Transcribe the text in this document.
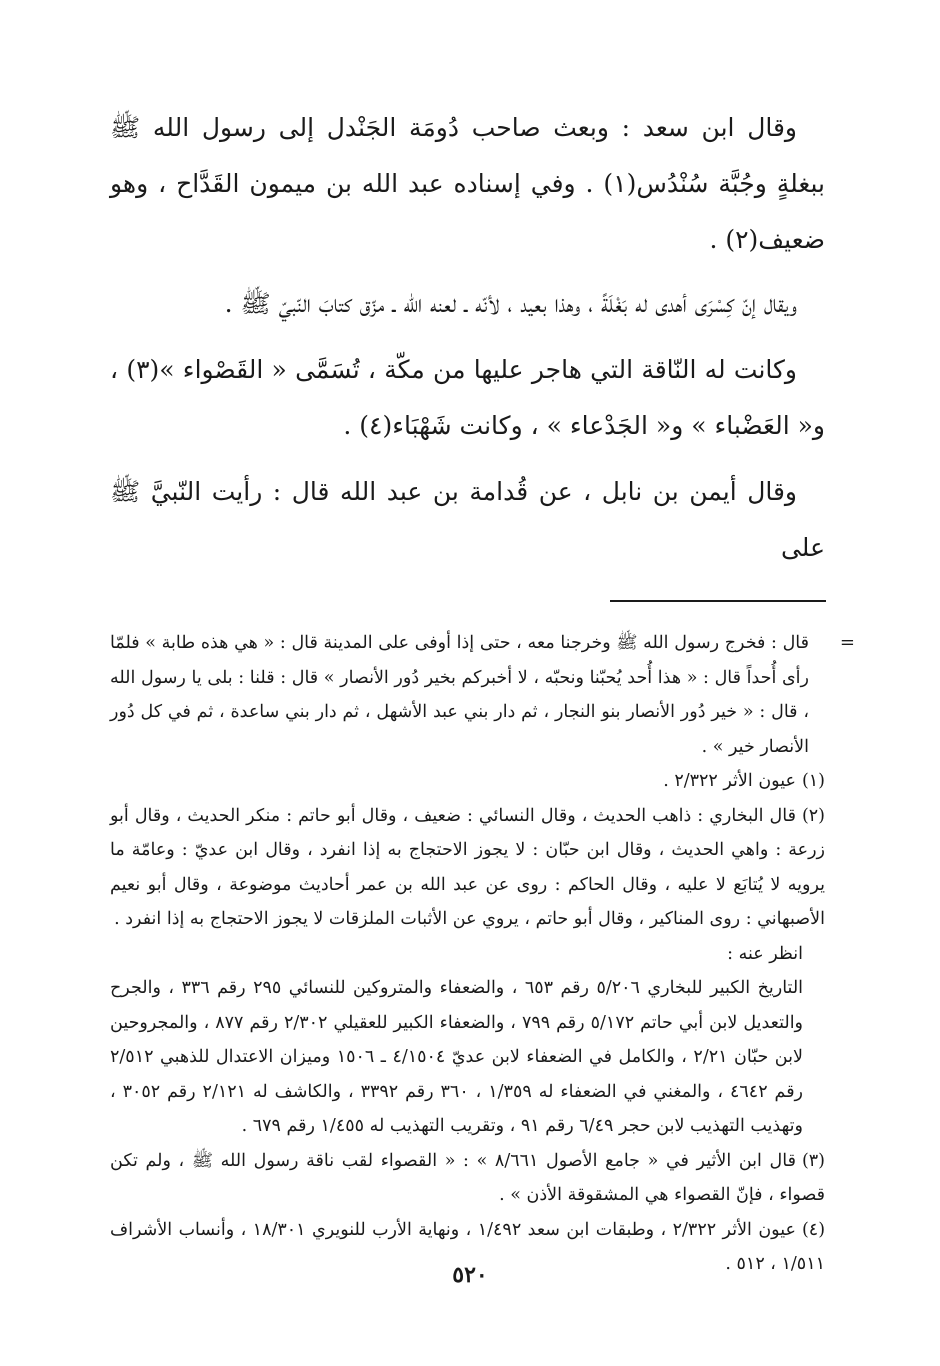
وقال ابن سعد : وبعث صاحب دُومَة الجَنْدل إلى رسول الله ﷺ ببغلةٍ وجُبَّة سُنْدُس(١) . وفي إسناده عبد الله بن ميمون القَدَّاح ، وهو ضعيف(٢) .

ويقال إنّ كِسْرَى أهدى له بَغْلَةً ، وهذا بعيد ، لأنّه ـ لعنه الله ـ مزّق كتابَ النّبيّ ﷺ .

وكانت له النّاقة التي هاجر عليها من مكّة ، تُسَمَّى « القَصْواء »(٣) ، و« العَضْباء » و« الجَدْعاء » ، وكانت شَهْبَاء(٤) .

وقال أيمن بن نابل ، عن قُدامة بن عبد الله قال : رأيت النّبيَّ ﷺ على

=
قال : فخرج رسول الله ﷺ وخرجنا معه ، حتى إذا أوفى على المدينة قال : « هي هذه طابة » فلمّا رأى أُحداً قال : « هذا أُحد يُحبّنا ونحبّه ، لا أخبركم بخير دُور الأنصار » قال : قلنا : بلى يا رسول الله ، قال : « خير دُور الأنصار بنو النجار ، ثم دار بني عبد الأشهل ، ثم دار بني ساعدة ، ثم في كل دُور الأنصار خير » .
(١)عيون الأثر ٢/٣٢٢ .
(٢)قال البخاري : ذاهب الحديث ، وقال النسائي : ضعيف ، وقال أبو حاتم : منكر الحديث ، وقال أبو زرعة : واهي الحديث ، وقال ابن حبّان : لا يجوز الاحتجاج به إذا انفرد ، وقال ابن عديّ : وعامّة ما يرويه لا يُتابَع لا عليه ، وقال الحاكم : روى عن عبد الله بن عمر أحاديث موضوعة ، وقال أبو نعيم الأصبهاني : روى المناكير ، وقال أبو حاتم ، يروي عن الأثبات الملزقات لا يجوز الاحتجاج به إذا انفرد .
انظر عنه :
التاريخ الكبير للبخاري ٥/٢٠٦ رقم ٦٥٣ ، والضعفاء والمتروكين للنسائي ٢٩٥ رقم ٣٣٦ ، والجرح والتعديل لابن أبي حاتم ٥/١٧٢ رقم ٧٩٩ ، والضعفاء الكبير للعقيلي ٢/٣٠٢ رقم ٨٧٧ ، والمجروحين لابن حبّان ٢/٢١ ، والكامل في الضعفاء لابن عديّ ٤/١٥٠٤ ـ ١٥٠٦ وميزان الاعتدال للذهبي ٢/٥١٢ رقم ٤٦٤٢ ، والمغني في الضعفاء له ١/٣٥٩ ، ٣٦٠ رقم ٣٣٩٢ ، والكاشف له ٢/١٢١ رقم ٣٠٥٢ ، وتهذيب التهذيب لابن حجر ٦/٤٩ رقم ٩١ ، وتقريب التهذيب له ١/٤٥٥ رقم ٦٧٩ .
(٣)قال ابن الأثير في « جامع الأصول ٨/٦٦١ » : « القصواء لقب ناقة رسول الله ﷺ ، ولم تكن قصواء ، فإنّ القصواء هي المشقوقة الأذن » .
(٤)عيون الأثر ٢/٣٢٢ ، وطبقات ابن سعد ١/٤٩٢ ، ونهاية الأرب للنويري ١٨/٣٠١ ، وأنساب الأشراف ١/٥١١ ، ٥١٢ .
٥٢٠
